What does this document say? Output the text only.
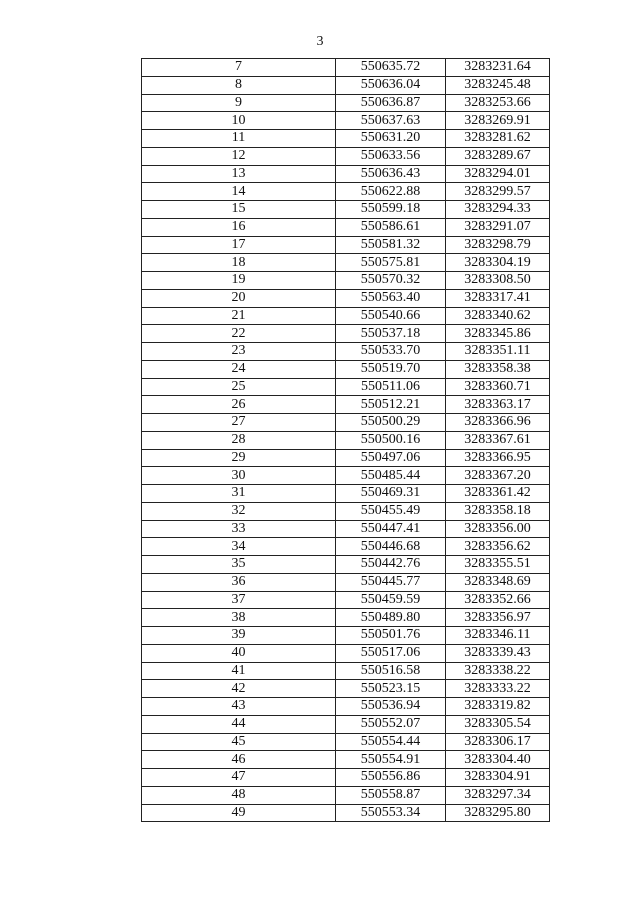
3
7	550635.72	3283231.64
8	550636.04	3283245.48
9	550636.87	3283253.66
10	550637.63	3283269.91
11	550631.20	3283281.62
12	550633.56	3283289.67
13	550636.43	3283294.01
14	550622.88	3283299.57
15	550599.18	3283294.33
16	550586.61	3283291.07
17	550581.32	3283298.79
18	550575.81	3283304.19
19	550570.32	3283308.50
20	550563.40	3283317.41
21	550540.66	3283340.62
22	550537.18	3283345.86
23	550533.70	3283351.11
24	550519.70	3283358.38
25	550511.06	3283360.71
26	550512.21	3283363.17
27	550500.29	3283366.96
28	550500.16	3283367.61
29	550497.06	3283366.95
30	550485.44	3283367.20
31	550469.31	3283361.42
32	550455.49	3283358.18
33	550447.41	3283356.00
34	550446.68	3283356.62
35	550442.76	3283355.51
36	550445.77	3283348.69
37	550459.59	3283352.66
38	550489.80	3283356.97
39	550501.76	3283346.11
40	550517.06	3283339.43
41	550516.58	3283338.22
42	550523.15	3283333.22
43	550536.94	3283319.82
44	550552.07	3283305.54
45	550554.44	3283306.17
46	550554.91	3283304.40
47	550556.86	3283304.91
48	550558.87	3283297.34
49	550553.34	3283295.80
